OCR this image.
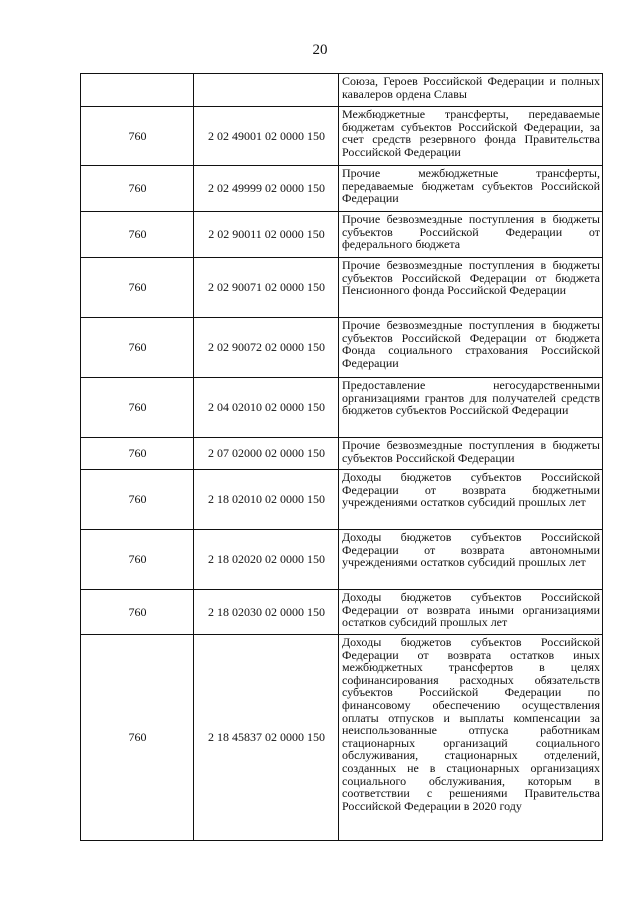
20
		Союза, Героев Российской Федерации и полных кавалеров ордена Славы
760	2 02 49001 02 0000 150	Межбюджетные трансферты, передаваемые бюджетам субъектов Российской Федерации, за счет средств резервного фонда Правительства Российской Федерации
760	2 02 49999 02 0000 150	Прочие межбюджетные трансферты, передаваемые бюджетам субъектов Российской Федерации
760	2 02 90011 02 0000 150	Прочие безвозмездные поступления в бюджеты субъектов Российской Федерации от федерального бюджета
760	2 02 90071 02 0000 150	Прочие безвозмездные поступления в бюджеты субъектов Российской Федерации от бюджета Пенсионного фонда Российской Федерации
760	2 02 90072 02 0000 150	Прочие безвозмездные поступления в бюджеты субъектов Российской Федерации от бюджета Фонда социального страхования Российской Федерации
760	2 04 02010 02 0000 150	Предоставление негосударственными организациями грантов для получателей средств бюджетов субъектов Российской Федерации
760	2 07 02000 02 0000 150	Прочие безвозмездные поступления в бюджеты субъектов Российской Федерации
760	2 18 02010 02 0000 150	Доходы бюджетов субъектов Российской Федерации от возврата бюджетными учреждениями остатков субсидий прошлых лет
760	2 18 02020 02 0000 150	Доходы бюджетов субъектов Российской Федерации от возврата автономными учреждениями остатков субсидий прошлых лет
760	2 18 02030 02 0000 150	Доходы бюджетов субъектов Российской Федерации от возврата иными организациями остатков субсидий прошлых лет
760	2 18 45837 02 0000 150	Доходы бюджетов субъектов Российской Федерации от возврата остатков иных межбюджетных трансфертов в целях софинансирования расходных обязательств субъектов Российской Федерации по финансовому обеспечению осуществления оплаты отпусков и выплаты компенсации за неиспользованные отпуска работникам стационарных организаций социального обслуживания, стационарных отделений, созданных не в стационарных организациях социального обслуживания, которым в соответствии с решениями Правительства Российской Федерации в 2020 году
